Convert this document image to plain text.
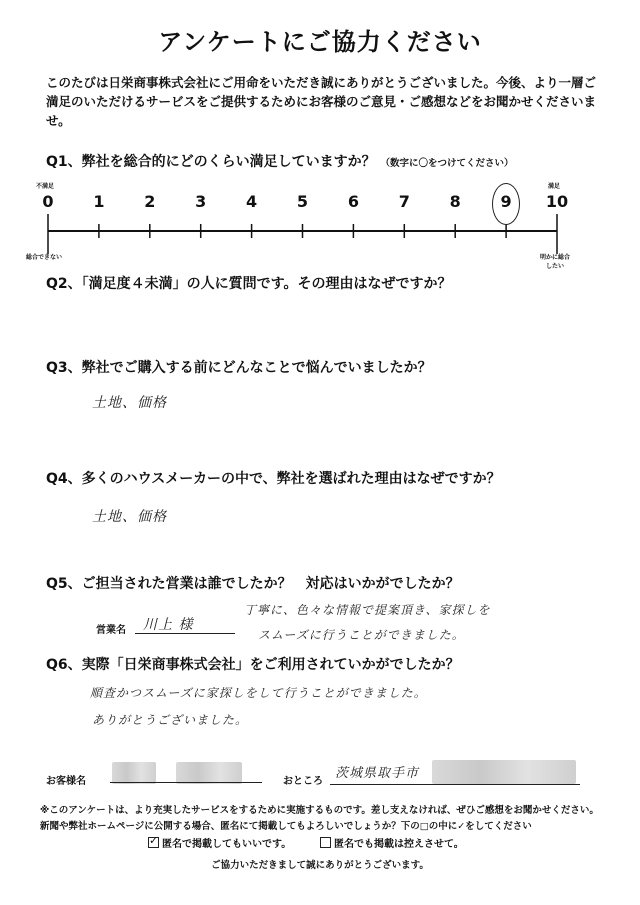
アンケートにご協力ください
このたびは日栄商事株式会社にご用命をいただき誠にありがとうございました。今後、より一層ご満足のいただけるサービスをご提供するためにお客様のご意見・ご感想などをお聞かせくださいませ。
Q1、弊社を総合的にどのくらい満足していますか？ （数字に〇をつけてください）
不満足	満足
総合できない	明かに総合したい
Q2、「満足度４未満」の人に質問です。その理由はなぜですか？
Q3、弊社でご購入する前にどんなことで悩んでいましたか？
土地、価格
Q4、多くのハウスメーカーの中で、弊社を選ばれた理由はなぜですか？
土地、価格
Q5、ご担当された営業は誰でしたか？　対応はいかがでしたか？
営業名 川上 様
丁寧に、色々な情報で提案頂き、家探しを
スムーズに行うことができました。
Q6、実際「日栄商事株式会社」をご利用されていかがでしたか？
順査かつスムーズに家探しをして行うことができました。
ありがとうございました。
お客様名	おところ
茨城県取手市
※このアンケートは、より充実したサービスをするために実施するものです。差し支えなければ、ぜひご感想をお聞かせください。
新聞や弊社ホームページに公開する場合、匿名にて掲載してもよろしいでしょうか？下の□の中に✓をしてください
✓匿名で掲載してもいいです。	匿名でも掲載は控えさせて。
ご協力いただきまして誠にありがとうございます。
0	1	2	3	4	5	6	7	8	9	10
